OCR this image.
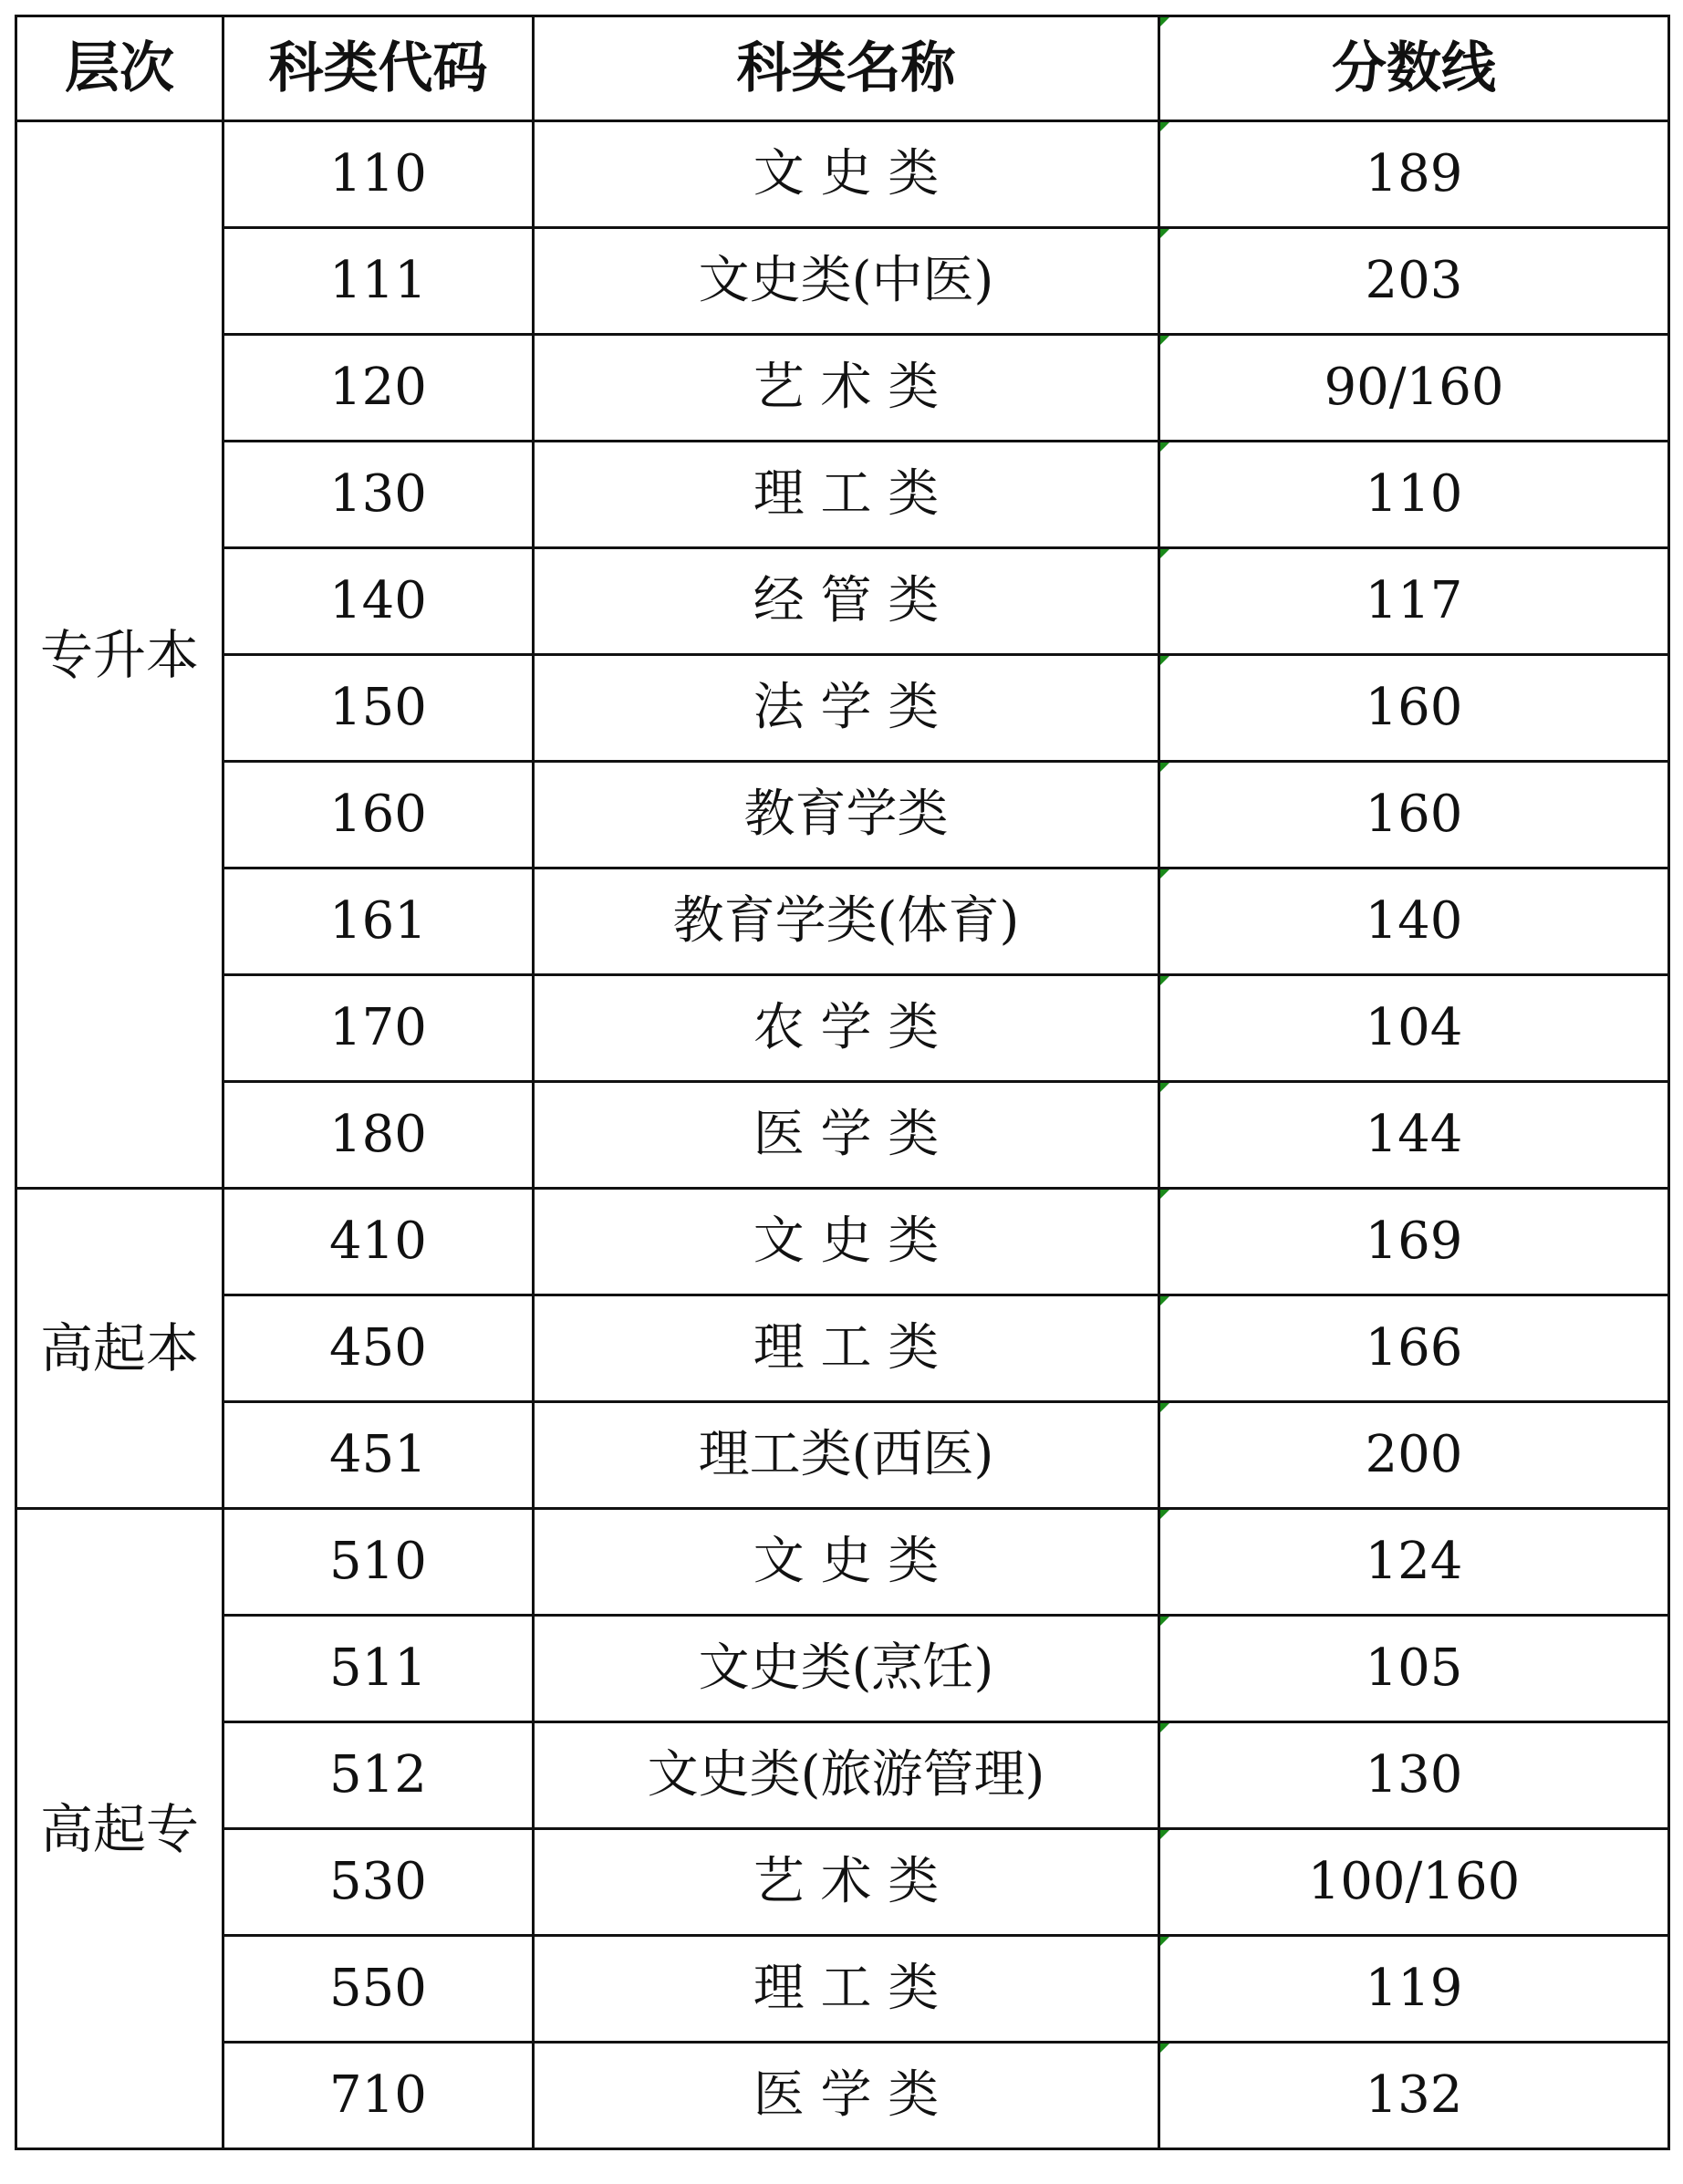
层次	科类代码	科类名称	分数线
专升本	110	文 史 类	189
	111	文史类(中医)	203
	120	艺 术 类	90/160
	130	理 工 类	110
	140	经 管 类	117
	150	法 学 类	160
	160	教育学类	160
	161	教育学类(体育)	140
	170	农 学 类	104
	180	医 学 类	144
高起本	410	文 史 类	169
	450	理 工 类	166
	451	理工类(西医)	200
高起专	510	文 史 类	124
	511	文史类(烹饪)	105
	512	文史类(旅游管理)	130
	530	艺 术 类	100/160
	550	理 工 类	119
	710	医 学 类	132
